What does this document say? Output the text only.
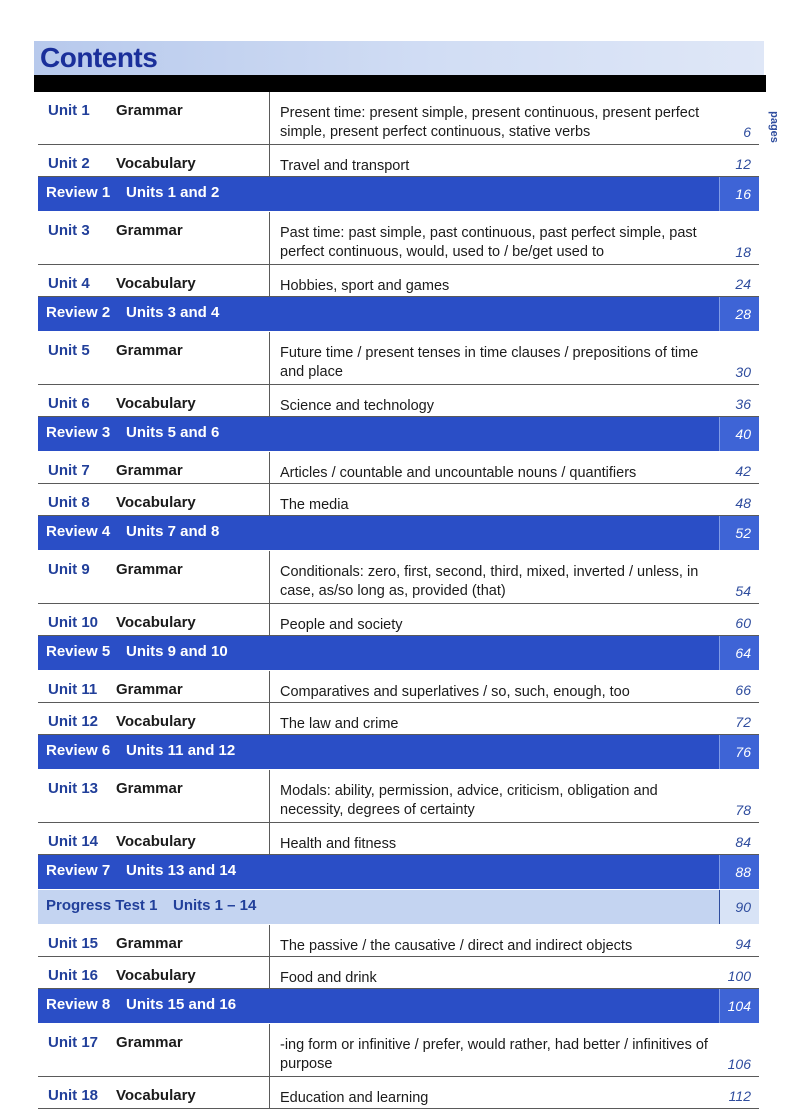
Contents
pages
Unit 1 Grammar	Present time: present simple, present continuous, present perfect simple, present perfect continuous, stative verbs	6
Unit 2 Vocabulary	Travel and transport	12
Review 1 Units 1 and 2	16
Unit 3 Grammar	Past time: past simple, past continuous, past perfect simple, past perfect continuous, would, used to / be/get used to	18
Unit 4 Vocabulary	Hobbies, sport and games	24
Review 2 Units 3 and 4	28
Unit 5 Grammar	Future time / present tenses in time clauses / prepositions of time and place	30
Unit 6 Vocabulary	Science and technology	36
Review 3 Units 5 and 6	40
Unit 7 Grammar	Articles / countable and uncountable nouns / quantifiers	42
Unit 8 Vocabulary	The media	48
Review 4 Units 7 and 8	52
Unit 9 Grammar	Conditionals: zero, first, second, third, mixed, inverted / unless, in case, as/so long as, provided (that)	54
Unit 10 Vocabulary	People and society	60
Review 5 Units 9 and 10	64
Unit 11 Grammar	Comparatives and superlatives / so, such, enough, too	66
Unit 12 Vocabulary	The law and crime	72
Review 6 Units 11 and 12	76
Unit 13 Grammar	Modals: ability, permission, advice, criticism, obligation and necessity, degrees of certainty	78
Unit 14 Vocabulary	Health and fitness	84
Review 7 Units 13 and 14	88
Progress Test 1 Units 1 – 14	90
Unit 15 Grammar	The passive / the causative / direct and indirect objects	94
Unit 16 Vocabulary	Food and drink	100
Review 8 Units 15 and 16	104
Unit 17 Grammar	-ing form or infinitive / prefer, would rather, had better / infinitives of purpose	106
Unit 18 Vocabulary	Education and learning	112
